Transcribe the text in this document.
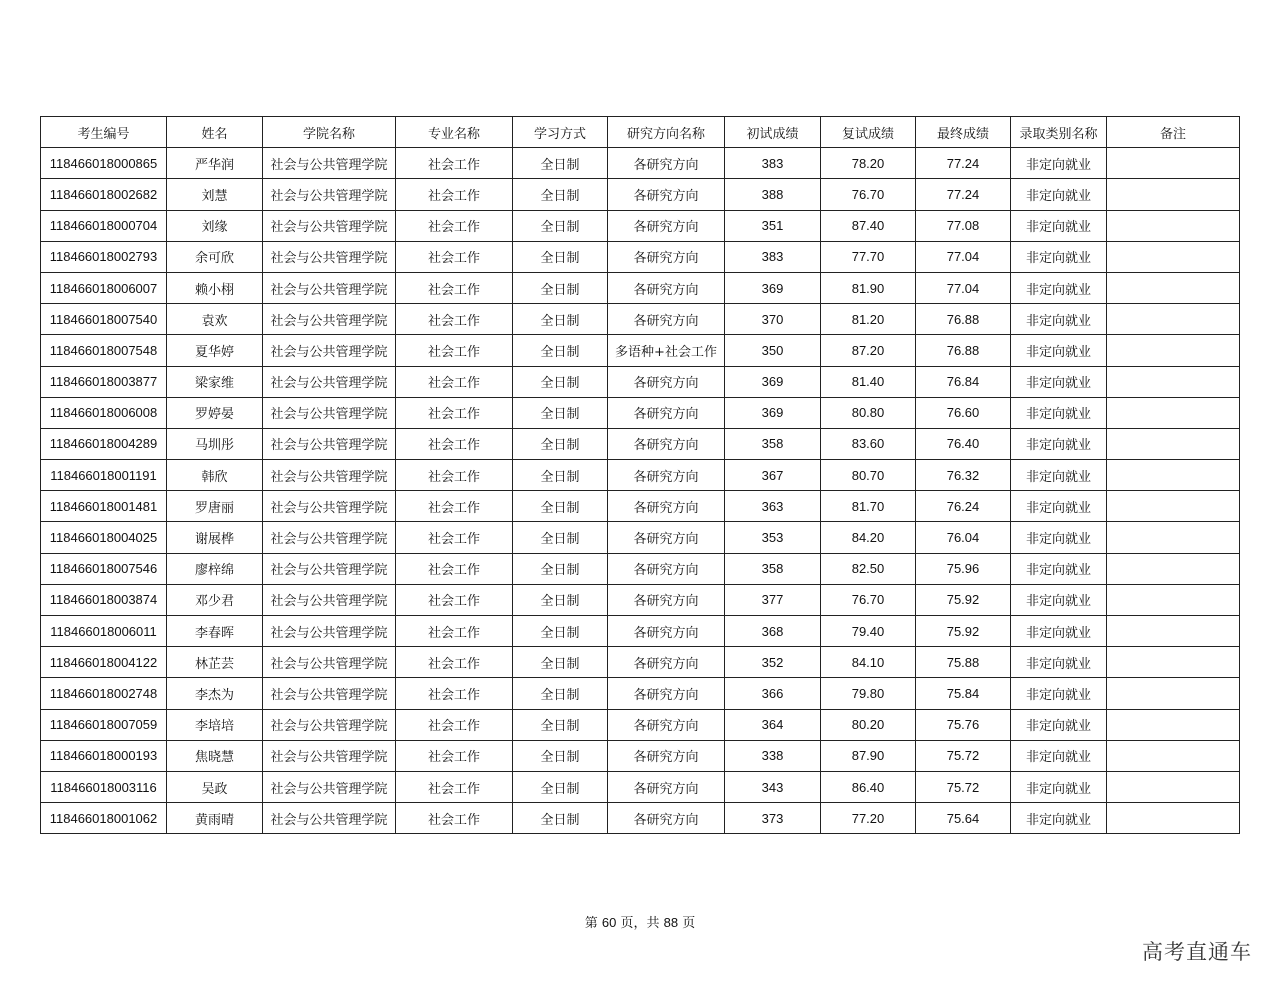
考生编号	姓名	学院名称	专业名称	学习方式	研究方向名称	初试成绩	复试成绩	最终成绩	录取类别名称	备注
118466018000865	严华润	社会与公共管理学院	社会工作	全日制	各研究方向	383	78.20	77.24	非定向就业	
118466018002682	刘慧	社会与公共管理学院	社会工作	全日制	各研究方向	388	76.70	77.24	非定向就业	
118466018000704	刘缘	社会与公共管理学院	社会工作	全日制	各研究方向	351	87.40	77.08	非定向就业	
118466018002793	余可欣	社会与公共管理学院	社会工作	全日制	各研究方向	383	77.70	77.04	非定向就业	
118466018006007	赖小栩	社会与公共管理学院	社会工作	全日制	各研究方向	369	81.90	77.04	非定向就业	
118466018007540	袁欢	社会与公共管理学院	社会工作	全日制	各研究方向	370	81.20	76.88	非定向就业	
118466018007548	夏华婷	社会与公共管理学院	社会工作	全日制	多语种+社会工作	350	87.20	76.88	非定向就业	
118466018003877	梁家维	社会与公共管理学院	社会工作	全日制	各研究方向	369	81.40	76.84	非定向就业	
118466018006008	罗婷晏	社会与公共管理学院	社会工作	全日制	各研究方向	369	80.80	76.60	非定向就业	
118466018004289	马圳彤	社会与公共管理学院	社会工作	全日制	各研究方向	358	83.60	76.40	非定向就业	
118466018001191	韩欣	社会与公共管理学院	社会工作	全日制	各研究方向	367	80.70	76.32	非定向就业	
118466018001481	罗唐丽	社会与公共管理学院	社会工作	全日制	各研究方向	363	81.70	76.24	非定向就业	
118466018004025	谢展桦	社会与公共管理学院	社会工作	全日制	各研究方向	353	84.20	76.04	非定向就业	
118466018007546	廖梓绵	社会与公共管理学院	社会工作	全日制	各研究方向	358	82.50	75.96	非定向就业	
118466018003874	邓少君	社会与公共管理学院	社会工作	全日制	各研究方向	377	76.70	75.92	非定向就业	
118466018006011	李春晖	社会与公共管理学院	社会工作	全日制	各研究方向	368	79.40	75.92	非定向就业	
118466018004122	林芷芸	社会与公共管理学院	社会工作	全日制	各研究方向	352	84.10	75.88	非定向就业	
118466018002748	李杰为	社会与公共管理学院	社会工作	全日制	各研究方向	366	79.80	75.84	非定向就业	
118466018007059	李培培	社会与公共管理学院	社会工作	全日制	各研究方向	364	80.20	75.76	非定向就业	
118466018000193	焦晓慧	社会与公共管理学院	社会工作	全日制	各研究方向	338	87.90	75.72	非定向就业	
118466018003116	吴政	社会与公共管理学院	社会工作	全日制	各研究方向	343	86.40	75.72	非定向就业	
118466018001062	黄雨晴	社会与公共管理学院	社会工作	全日制	各研究方向	373	77.20	75.64	非定向就业	
第 60 页，共 88 页
高考直通车
